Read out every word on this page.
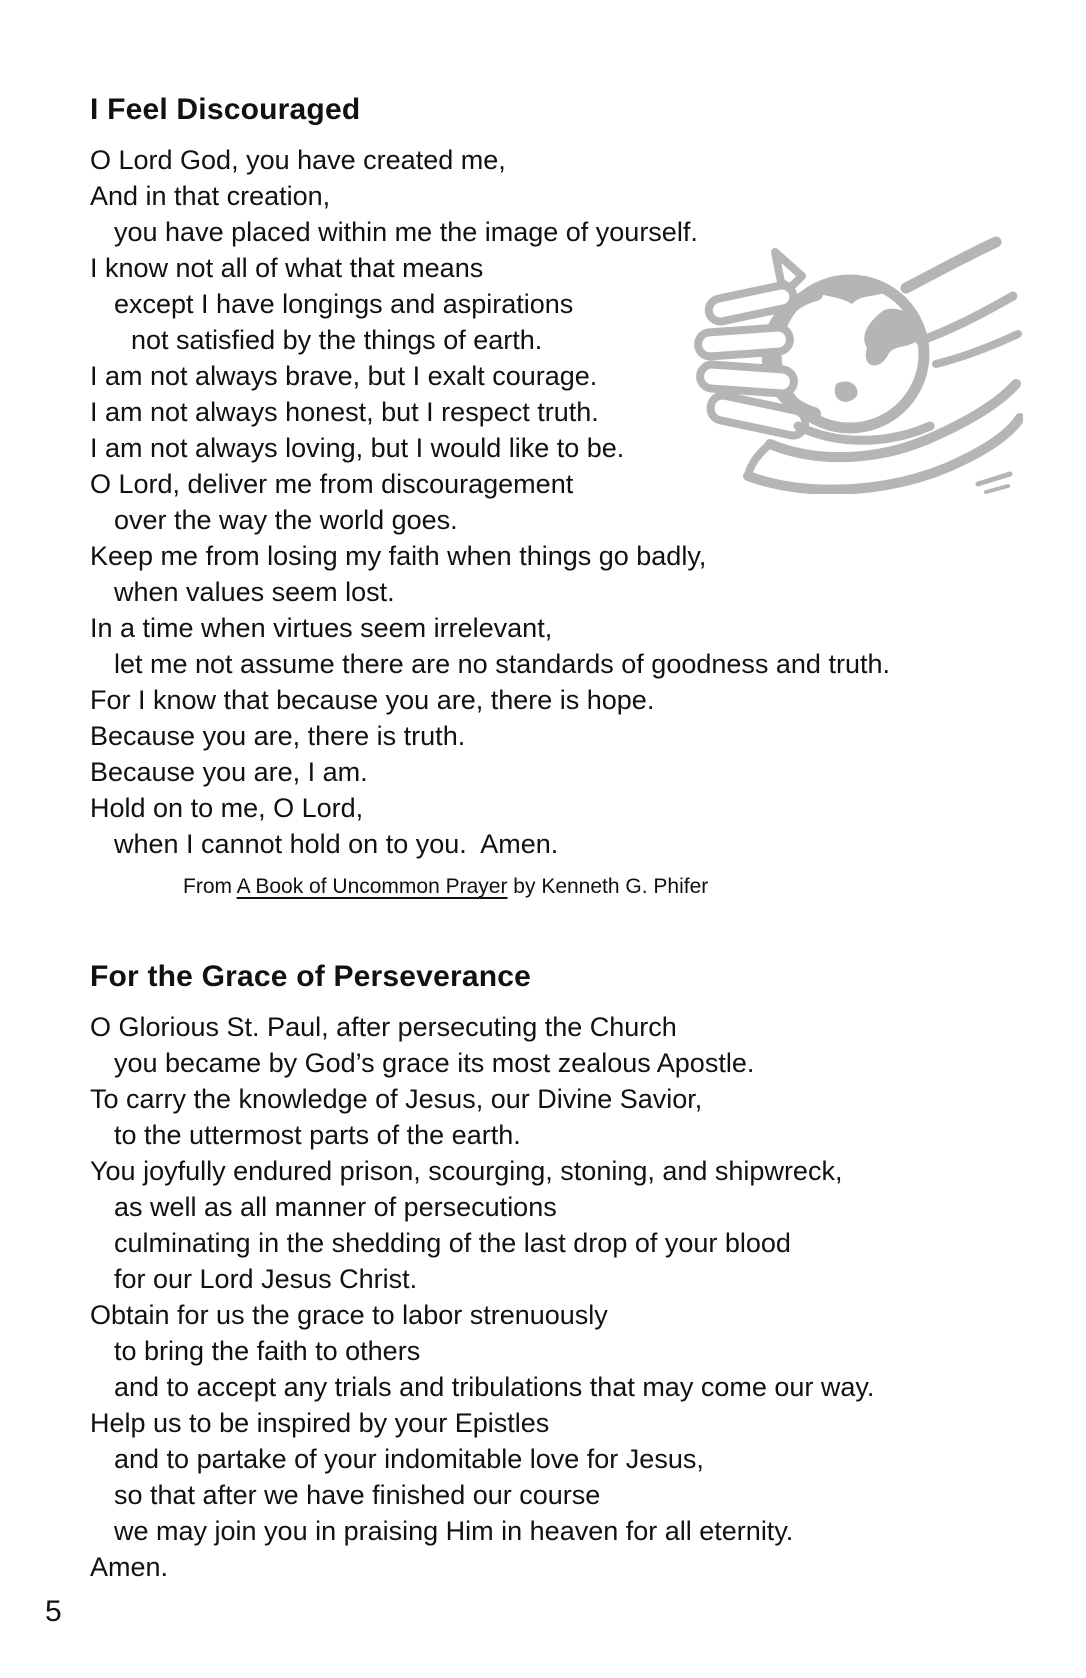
I Feel Discouraged
O Lord God, you have created me,
And in that creation,
you have placed within me the image of yourself.
I know not all of what that means
except I have longings and aspirations
not satisfied by the things of earth.
I am not always brave, but I exalt courage.
I am not always honest, but I respect truth.
I am not always loving, but I would like to be.
O Lord, deliver me from discouragement
over the way the world goes.
Keep me from losing my faith when things go badly,
when values seem lost.
In a time when virtues seem irrelevant,
let me not assume there are no standards of goodness and truth.
For I know that because you are, there is hope.
Because you are, there is truth.
Because you are, I am.
Hold on to me, O Lord,
when I cannot hold on to you.  Amen.
From A Book of Uncommon Prayer by Kenneth G. Phifer
For the Grace of Perseverance
O Glorious St. Paul, after persecuting the Church
you became by God’s grace its most zealous Apostle.
To carry the knowledge of Jesus, our Divine Savior,
to the uttermost parts of the earth.
You joyfully endured prison, scourging, stoning, and shipwreck,
as well as all manner of persecutions
culminating in the shedding of the last drop of your blood
for our Lord Jesus Christ.
Obtain for us the grace to labor strenuously
to bring the faith to others
and to accept any trials and tribulations that may come our way.
Help us to be inspired by your Epistles
and to partake of your indomitable love for Jesus,
so that after we have finished our course
we may join you in praising Him in heaven for all eternity.
Amen.
5
